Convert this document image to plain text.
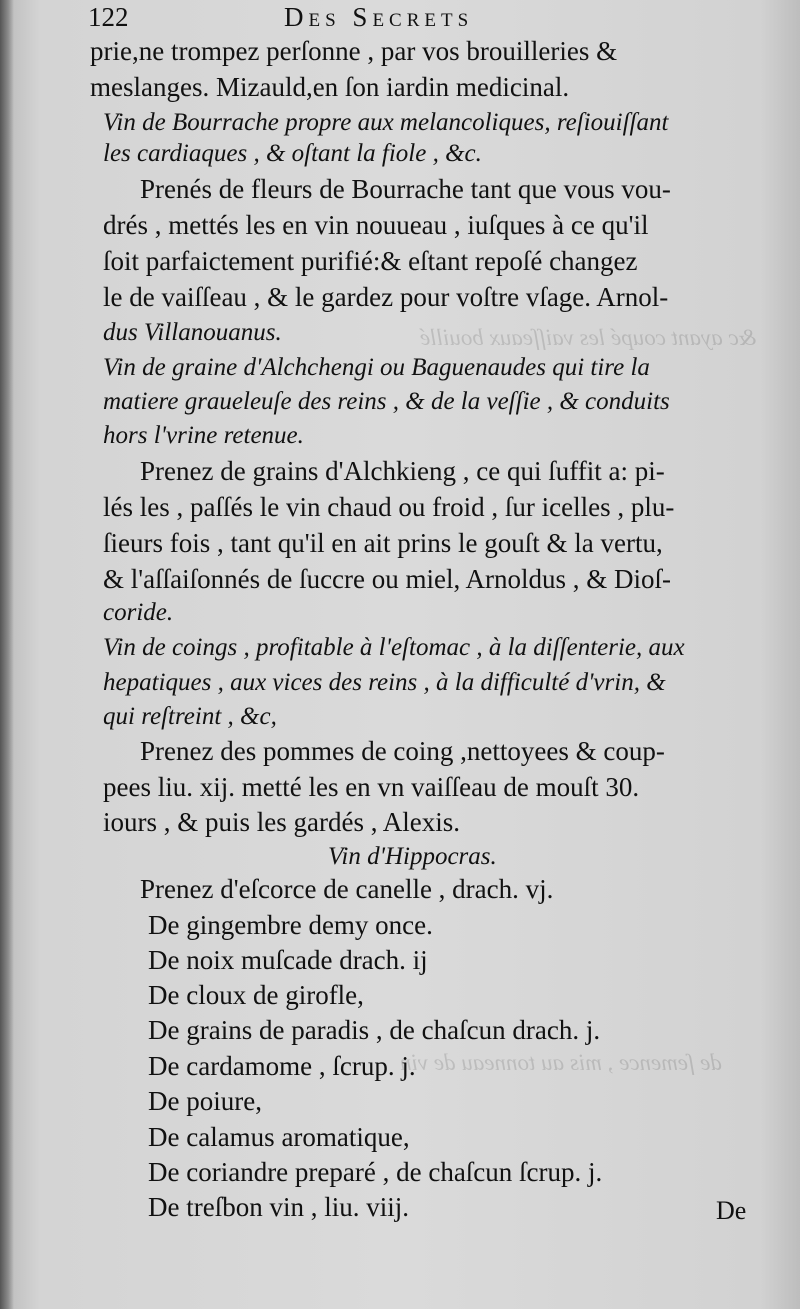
&c ayant coupé les vaiſſeaux bouillé
de ſemence , mis au tonneau de vin
122	Des Secrets
prie,ne trompez perſonne , par vos brouilleries &
meslanges. Mizauld,en ſon iardin medicinal.
Vin de Bourrache propre aux melancoliques, reſiouiſſant
les cardiaques , & oſtant la fiole , &c.
Prenés de fleurs de Bourrache tant que vous vou-
drés , mettés les en vin nouueau , iuſques à ce qu'il
ſoit parfaictement purifié:& eſtant repoſé changez
le de vaiſſeau , & le gardez pour voſtre vſage. Arnol-
dus Villanouanus.
Vin de graine d'Alchchengi ou Baguenaudes qui tire la
matiere graueleuſe des reins , & de la veſſie , & conduits
hors l'vrine retenue.
Prenez de grains d'Alchkieng , ce qui ſuffit a: pi-
lés les , paſſés le vin chaud ou froid , ſur icelles , plu-
ſieurs fois , tant qu'il en ait prins le gouſt & la vertu,
& l'aſſaiſonnés de ſuccre ou miel, Arnoldus , & Dioſ-
coride.
Vin de coings , profitable à l'eſtomac , à la diſſenterie, aux
hepatiques , aux vices des reins , à la difficulté d'vrin, &
qui reſtreint , &c,
Prenez des pommes de coing ,nettoyees & coup-
pees liu. xij. metté les en vn vaiſſeau de mouſt 30.
iours , & puis les gardés , Alexis.
Vin d'Hippocras.
Prenez d'eſcorce de canelle , drach. vj.
De gingembre demy once.
De noix muſcade drach. ij
De cloux de girofle,
De grains de paradis , de chaſcun drach. j.
De cardamome , ſcrup. j.
De poiure,
De calamus aromatique,
De coriandre preparé , de chaſcun ſcrup. j.
De treſbon vin , liu. viij.	De
